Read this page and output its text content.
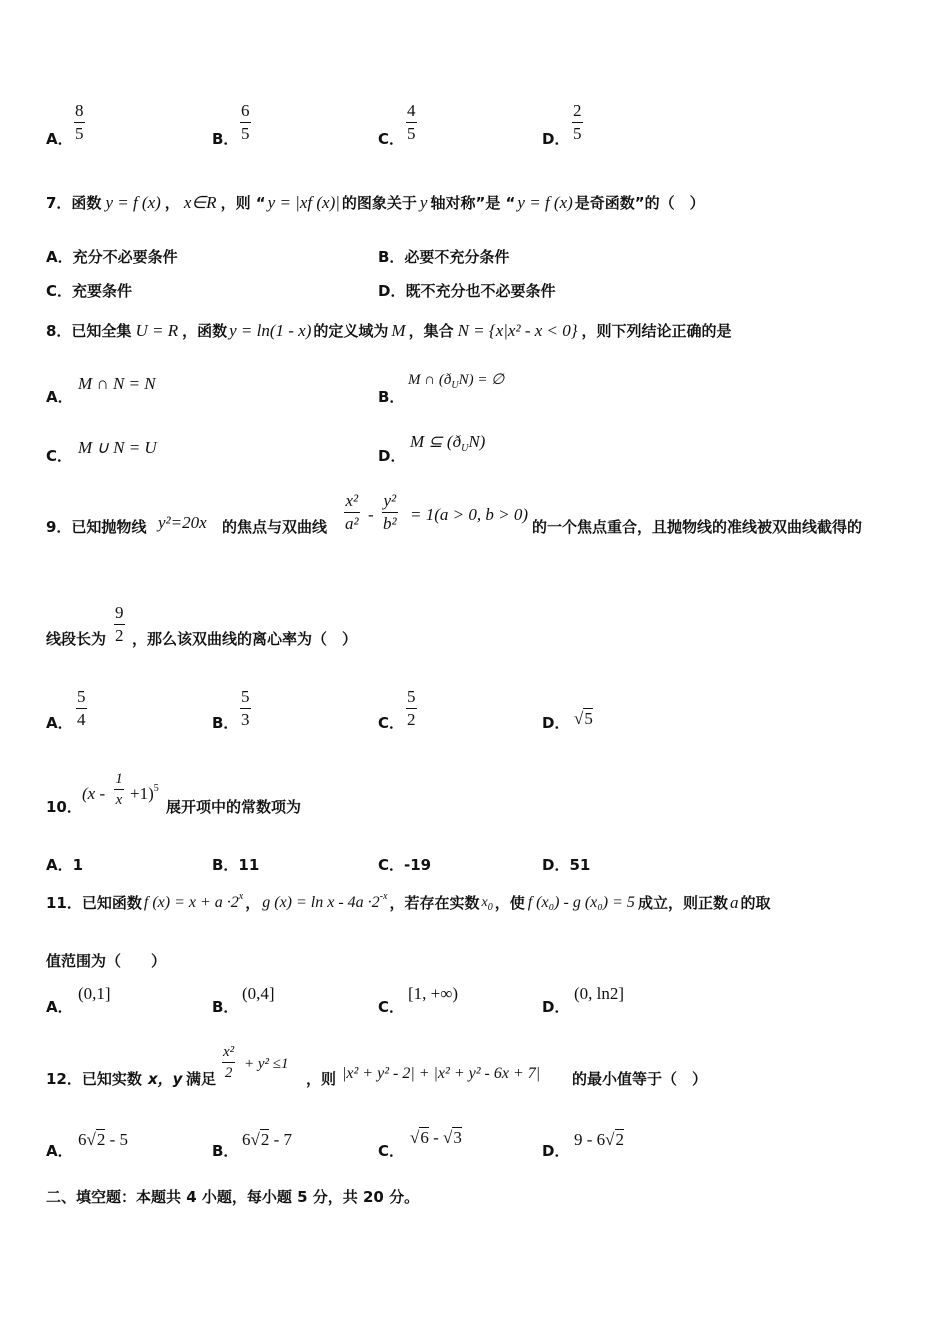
A．
8
5	B．
6
5	C．
4
5	D．
2
5
7．函数 y = f (x) ， x∈R ，则 “ y = |xf (x)| 的图象关于 y 轴对称”是 “ y = f (x) 是奇函数”的（　）
A．充分不必要条件	B．必要不充分条件
C．充要条件	D．既不充分也不必要条件
8．已知全集 U = R ，函数 y = ln(1 - x) 的定义域为 M ，集合 N = {x|x² - x < 0} ，则下列结论正确的是
A．
M ∩ N = N
B．
M ∩ $(ð_UN)$ = ∅
C． M ∪ N = U	D．
M ⊆ $(ð_UN)$
9．已知抛物线 y²=20x 的焦点与双曲线
x²
a² -
y²
b² = 1(a > 0, b > 0)
的一个焦点重合，且抛物线的准线被双曲线截得的
线段长为
9
2 ，那么该双曲线的离心率为（　）
A．
5
4	B．
5
3	C．
5
2	D． √5
10．
(x -
1
x +1)$^5$
展开项中的常数项为
A．1	B．11	C．-19	D．51
11．已知函数 f $(x) = x + a \cdot 2^x$ ， g $(x) = \ln x - 4a \cdot 2^{-x}$ ，若存在实数 $x_0$ ，使 f (x₀) - g (x₀) = 5 成立，则正数 a 的取
值范围为（　　）
A．
(0,1]
B．
(0,4]
C．
[1, +∞)
D．
(0, ln2]
12．已知实数 x，y 满足
x²
2
+ y² ≤1
，则 |x² + y² - 2| + |x² + y² - 6x + 7| 的最小值等于（　）
A．
6√2 - 5
B．
6√2 - 7
C．
√6 - √3
D．
9 - 6√2
二、填空题：本题共 4 小题，每小题 5 分，共 20 分。
